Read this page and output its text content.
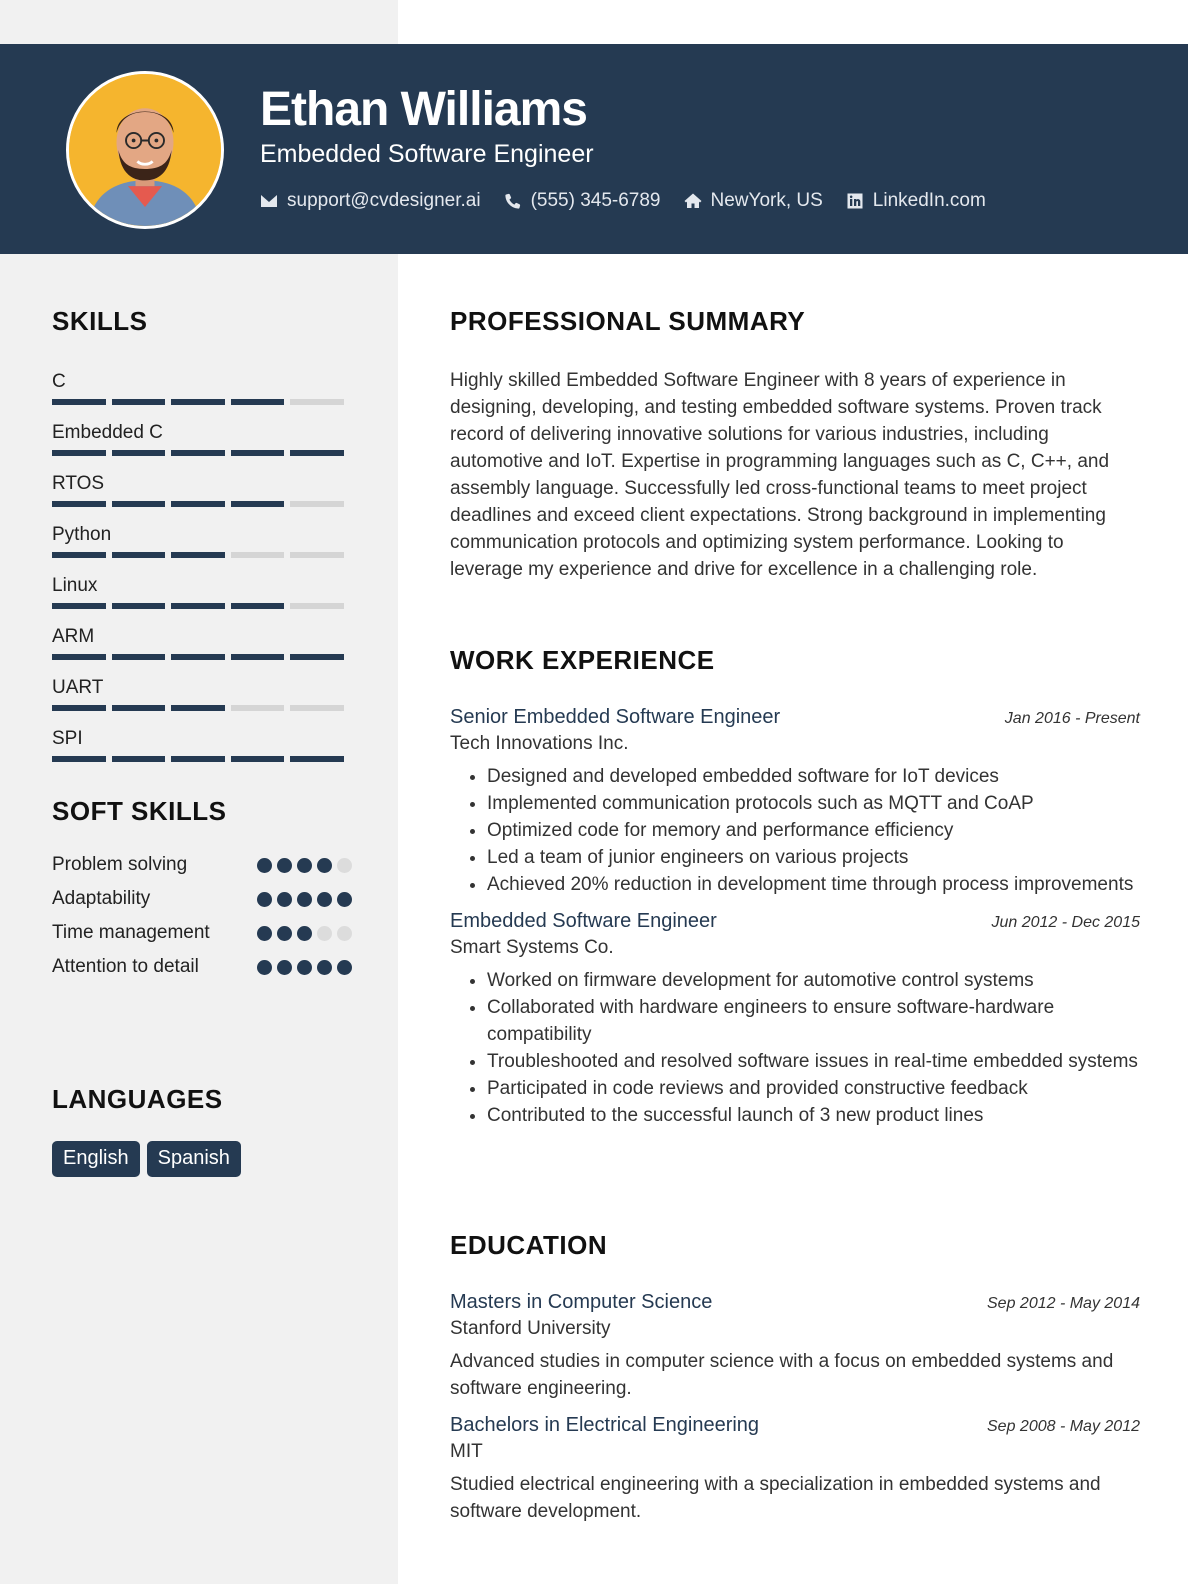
Ethan Williams
Embedded Software Engineer
support@cvdesigner.ai	(555) 345-6789	NewYork, US	LinkedIn.com
SKILLS
C
Embedded C
RTOS
Python
Linux
ARM
UART
SPI
SOFT SKILLS
Problem solving
Adaptability
Time management
Attention to detail
LANGUAGES
English	Spanish
PROFESSIONAL SUMMARY

Highly skilled Embedded Software Engineer with 8 years of experience in designing, developing, and testing embedded software systems. Proven track record of delivering innovative solutions for various industries, including automotive and IoT. Expertise in programming languages such as C, C++, and assembly language. Successfully led cross-functional teams to meet project deadlines and exceed client expectations. Strong background in implementing communication protocols and optimizing system performance. Looking to leverage my experience and drive for excellence in a challenging role.

WORK EXPERIENCE
Senior Embedded Software Engineer	Jan 2016 - Present
Tech Innovations Inc.
• Designed and developed embedded software for IoT devices
• Implemented communication protocols such as MQTT and CoAP
• Optimized code for memory and performance efficiency
• Led a team of junior engineers on various projects
• Achieved 20% reduction in development time through process improvements
Embedded Software Engineer	Jun 2012 - Dec 2015
Smart Systems Co.
• Worked on firmware development for automotive control systems
• Collaborated with hardware engineers to ensure software-hardware compatibility
• Troubleshooted and resolved software issues in real-time embedded systems
• Participated in code reviews and provided constructive feedback
• Contributed to the successful launch of 3 new product lines
EDUCATION
Masters in Computer Science	Sep 2012 - May 2014
Stanford University

Advanced studies in computer science with a focus on embedded systems and software engineering.

Bachelors in Electrical Engineering	Sep 2008 - May 2012
MIT

Studied electrical engineering with a specialization in embedded systems and software development.
